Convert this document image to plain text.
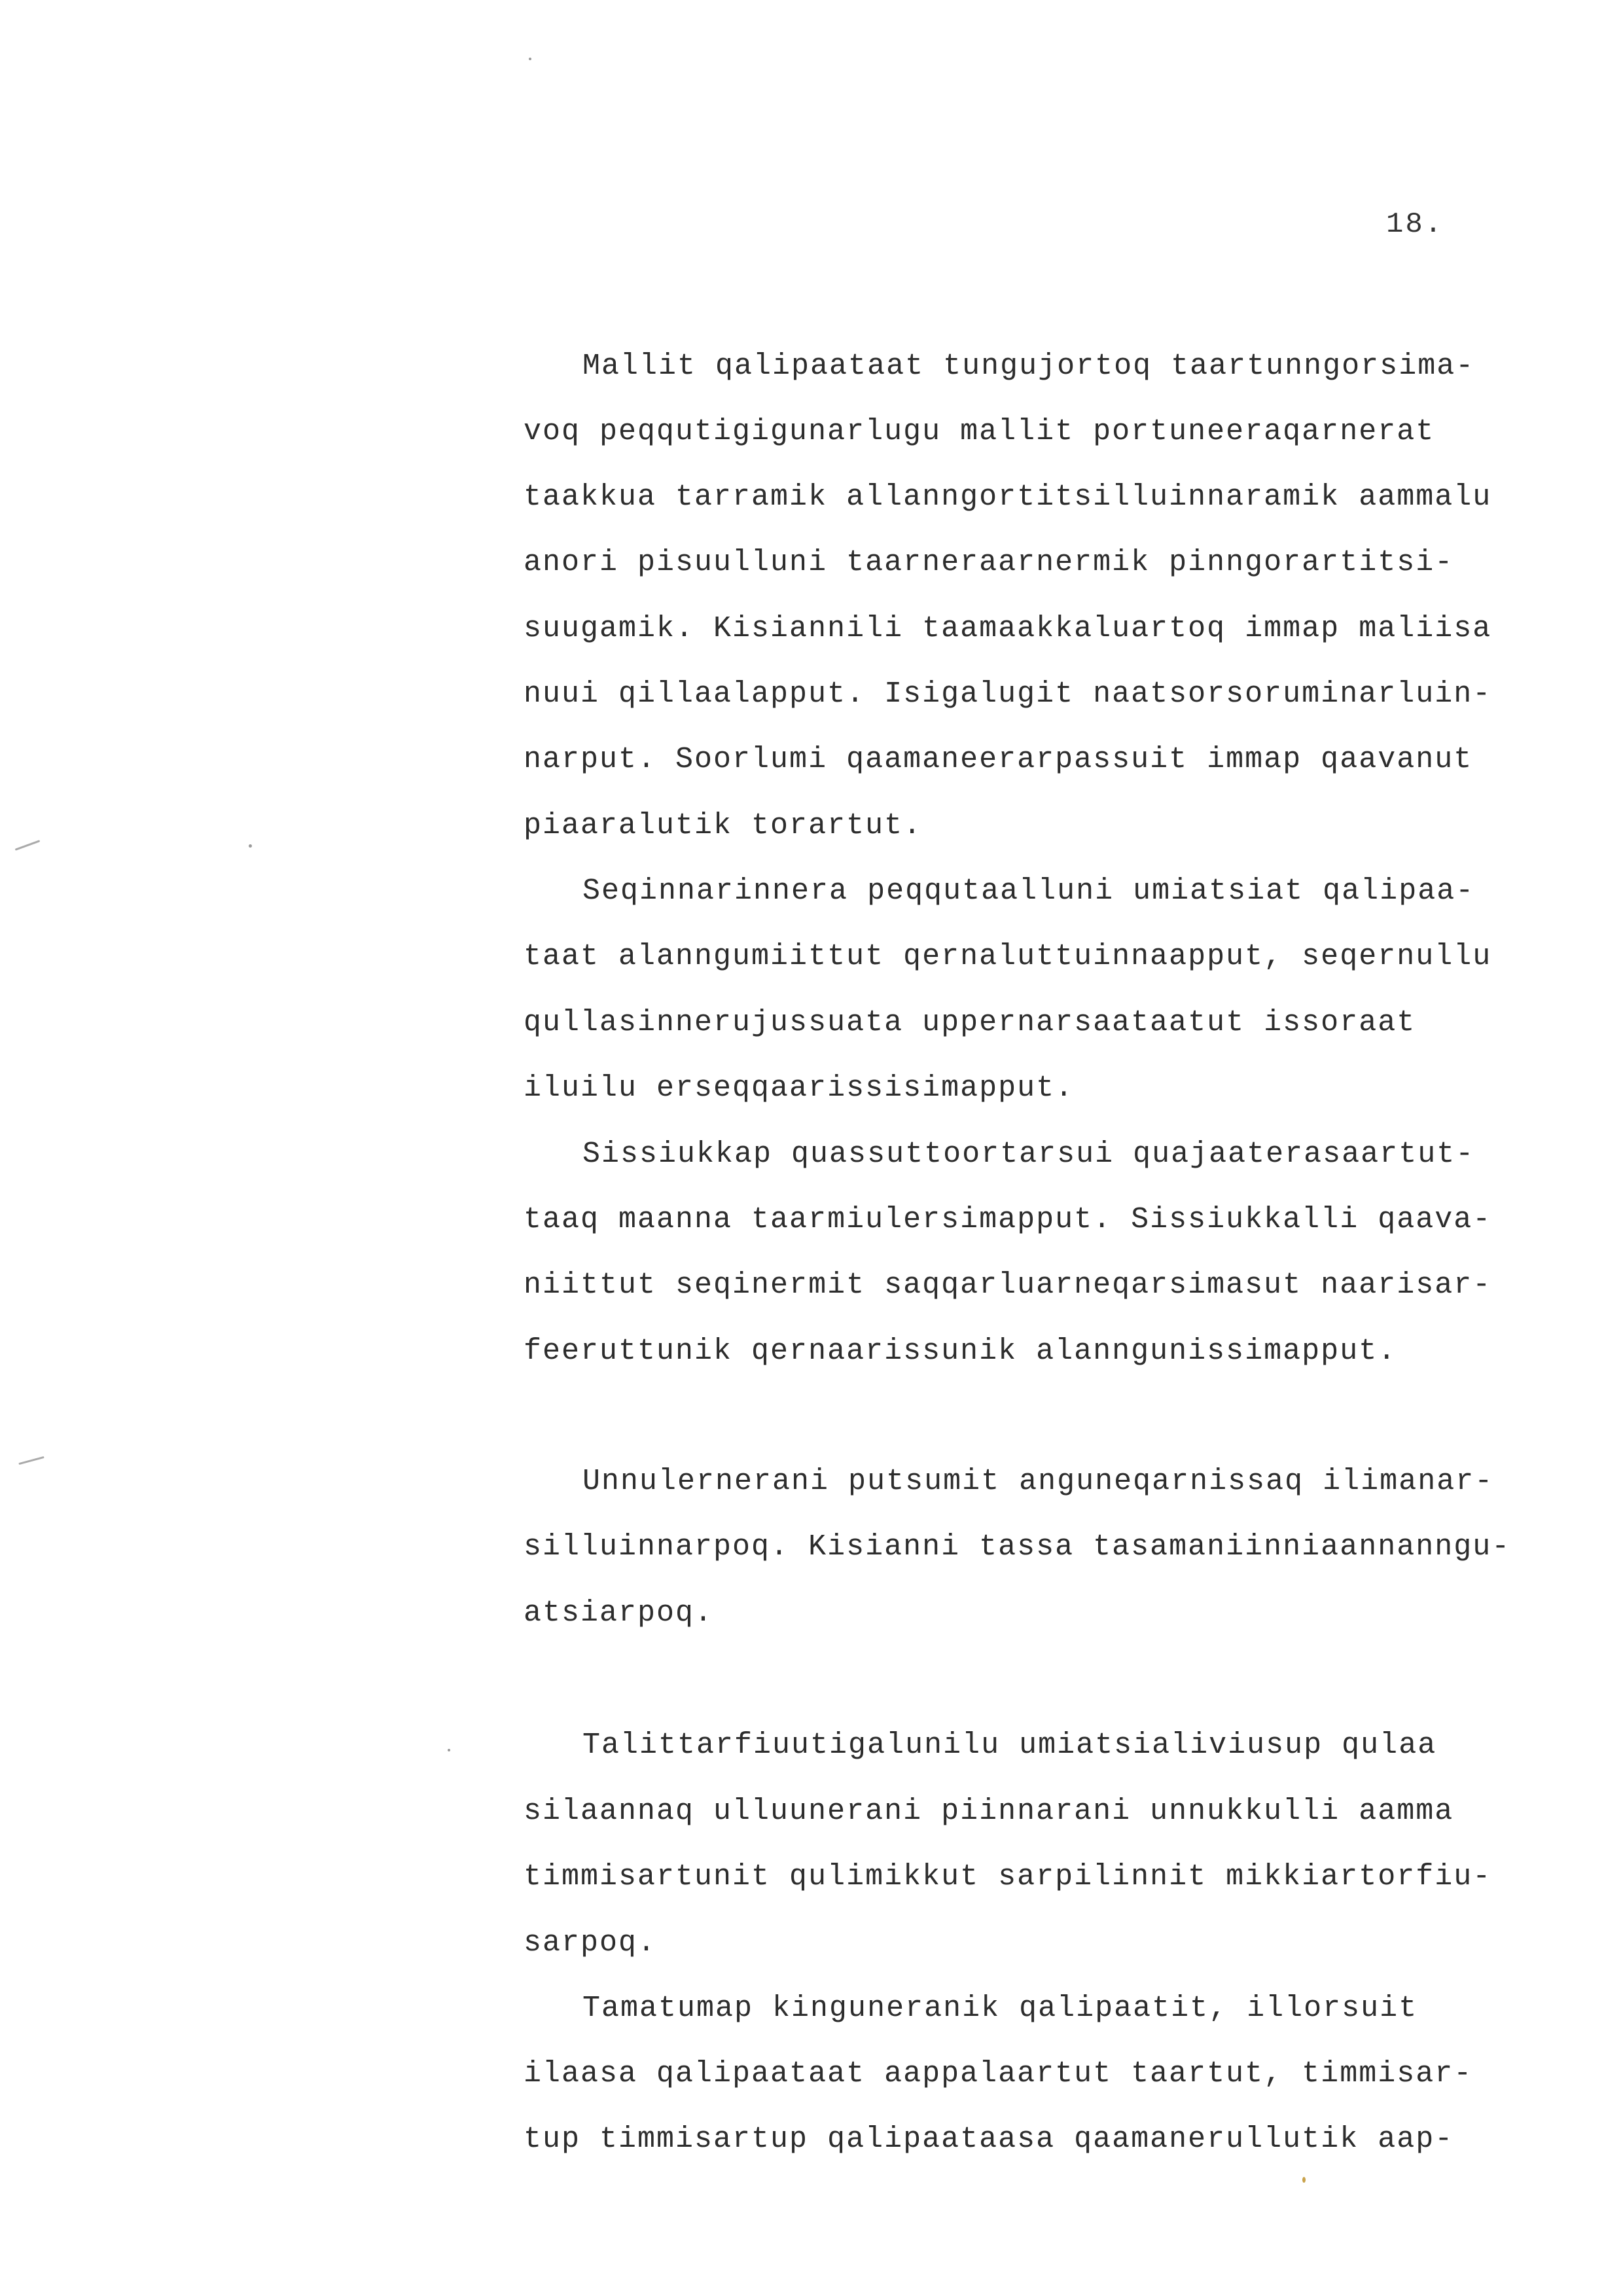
18.
Mallit qalipaataat tungujortoq taartunngorsima-
voq peqqutigigunarlugu mallit portuneeraqarnerat
taakkua tarramik allanngortitsilluinnaramik aammalu
anori pisuulluni taarneraarnermik pinngorartitsi-
suugamik. Kisiannili taamaakkaluartoq immap maliisa
nuui qillaalapput. Isigalugit naatsorsoruminarluin-
narput. Soorlumi qaamaneerarpassuit immap qaavanut
piaaralutik torartut.
Seqinnarinnera peqqutaalluni umiatsiat qalipaa-
taat alanngumiittut qernaluttuinnaapput, seqernullu
qullasinnerujussuata uppernarsaataatut issoraat
iluilu erseqqaarissisimapput.
Sissiukkap quassuttoortarsui quajaaterasaartut-
taaq maanna taarmiulersimapput. Sissiukkalli qaava-
niittut seqinermit saqqarluarneqarsimasut naarisar-
feeruttunik qernaarissunik alanngunissimapput.
Unnulernerani putsumit anguneqarnissaq ilimanar-
silluinnarpoq. Kisianni tassa tasamaniinniaannanngu-
atsiarpoq.
Talittarfiuutigalunilu umiatsialiviusup qulaa
silaannaq ulluunerani piinnarani unnukkulli aamma
timmisartunit qulimikkut sarpilinnit mikkiartorfiu-
sarpoq.
Tamatumap kinguneranik qalipaatit, illorsuit
ilaasa qalipaataat aappalaartut taartut, timmisar-
tup timmisartup qalipaataasa qaamanerullutik aap-
